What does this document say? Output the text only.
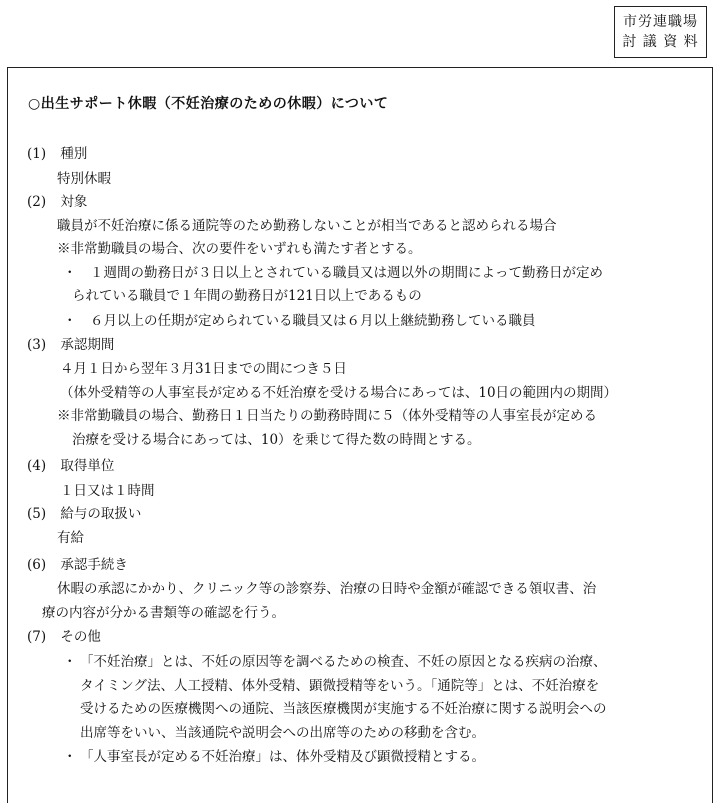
市労連職場
討 議 資 料
○出生サポート休暇（不妊治療のための休暇）について
(1) 種別
特別休暇
(2) 対象
職員が不妊治療に係る通院等のため勤務しないことが相当であると認められる場合
※非常勤職員の場合、次の要件をいずれも満たす者とする。
・ １週間の勤務日が３日以上とされている職員又は週以外の期間によって勤務日が定め
られている職員で１年間の勤務日が121日以上であるもの
・ ６月以上の任期が定められている職員又は６月以上継続勤務している職員
(3) 承認期間
４月１日から翌年３月31日までの間につき５日
（体外受精等の人事室長が定める不妊治療を受ける場合にあっては、10日の範囲内の期間）
※非常勤職員の場合、勤務日１日当たりの勤務時間に５（体外受精等の人事室長が定める
治療を受ける場合にあっては、10）を乗じて得た数の時間とする。
(4) 取得単位
１日又は１時間
(5) 給与の取扱い
有給
(6) 承認手続き
休暇の承認にかかり、クリニック等の診察券、治療の日時や金額が確認できる領収書、治
療の内容が分かる書類等の確認を行う。
(7) その他
・ 「不妊治療」とは、不妊の原因等を調べるための検査、不妊の原因となる疾病の治療、
タイミング法、人工授精、体外受精、顕微授精等をいう。「通院等」とは、不妊治療を
受けるための医療機関への通院、当該医療機関が実施する不妊治療に関する説明会への
出席等をいい、当該通院や説明会への出席等のための移動を含む。
・ 「人事室長が定める不妊治療」は、体外受精及び顕微授精とする。
